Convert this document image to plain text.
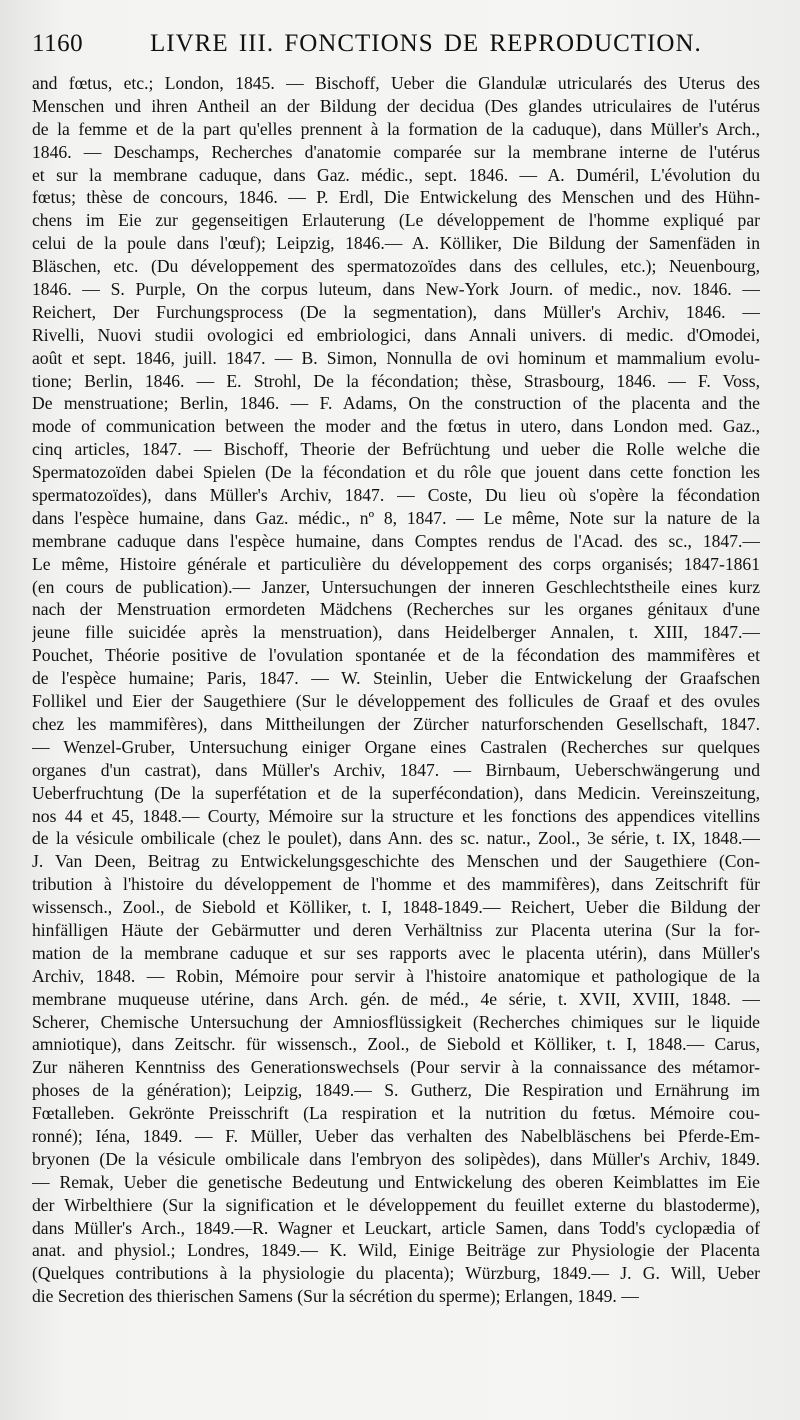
1160	LIVRE III. FONCTIONS DE REPRODUCTION.
and fœtus, etc.; London, 1845. — Bischoff, Ueber die Glandulæ utricularés des Uterus des
Menschen und ihren Antheil an der Bildung der decidua (Des glandes utriculaires de l'utérus
de la femme et de la part qu'elles prennent à la formation de la caduque), dans Müller's Arch.,
1846. — Deschamps, Recherches d'anatomie comparée sur la membrane interne de l'utérus
et sur la membrane caduque, dans Gaz. médic., sept. 1846. — A. Duméril, L'évolution du
fœtus; thèse de concours, 1846. — P. Erdl, Die Entwickelung des Menschen und des Hühn-
chens im Eie zur gegenseitigen Erlauterung (Le développement de l'homme expliqué par
celui de la poule dans l'œuf); Leipzig, 1846.— A. Kölliker, Die Bildung der Samenfäden in
Bläschen, etc. (Du développement des spermatozoïdes dans des cellules, etc.); Neuenbourg,
1846. — S. Purple, On the corpus luteum, dans New-York Journ. of medic., nov. 1846. —
Reichert, Der Furchungsprocess (De la segmentation), dans Müller's Archiv, 1846. —
Rivelli, Nuovi studii ovologici ed embriologici, dans Annali univers. di medic. d'Omodei,
août et sept. 1846, juill. 1847. — B. Simon, Nonnulla de ovi hominum et mammalium evolu-
tione; Berlin, 1846. — E. Strohl, De la fécondation; thèse, Strasbourg, 1846. — F. Voss,
De menstruatione; Berlin, 1846. — F. Adams, On the construction of the placenta and the
mode of communication between the moder and the fœtus in utero, dans London med. Gaz.,
cinq articles, 1847. — Bischoff, Theorie der Befrüchtung und ueber die Rolle welche die
Spermatozoïden dabei Spielen (De la fécondation et du rôle que jouent dans cette fonction les
spermatozoïdes), dans Müller's Archiv, 1847. — Coste, Du lieu où s'opère la fécondation
dans l'espèce humaine, dans Gaz. médic., nº 8, 1847. — Le même, Note sur la nature de la
membrane caduque dans l'espèce humaine, dans Comptes rendus de l'Acad. des sc., 1847.—
Le même, Histoire générale et particulière du développement des corps organisés; 1847-1861
(en cours de publication).— Janzer, Untersuchungen der inneren Geschlechtstheile eines kurz
nach der Menstruation ermordeten Mädchens (Recherches sur les organes génitaux d'une
jeune fille suicidée après la menstruation), dans Heidelberger Annalen, t. XIII, 1847.—
Pouchet, Théorie positive de l'ovulation spontanée et de la fécondation des mammifères et
de l'espèce humaine; Paris, 1847. — W. Steinlin, Ueber die Entwickelung der Graafschen
Follikel und Eier der Saugethiere (Sur le développement des follicules de Graaf et des ovules
chez les mammifères), dans Mittheilungen der Zürcher naturforschenden Gesellschaft, 1847.
— Wenzel-Gruber, Untersuchung einiger Organe eines Castralen (Recherches sur quelques
organes d'un castrat), dans Müller's Archiv, 1847. — Birnbaum, Ueberschwängerung und
Ueberfruchtung (De la superfétation et de la superfécondation), dans Medicin. Vereinszeitung,
nos 44 et 45, 1848.— Courty, Mémoire sur la structure et les fonctions des appendices vitellins
de la vésicule ombilicale (chez le poulet), dans Ann. des sc. natur., Zool., 3e série, t. IX, 1848.—
J. Van Deen, Beitrag zu Entwickelungsgeschichte des Menschen und der Saugethiere (Con-
tribution à l'histoire du développement de l'homme et des mammifères), dans Zeitschrift für
wissensch., Zool., de Siebold et Kölliker, t. I, 1848-1849.— Reichert, Ueber die Bildung der
hinfälligen Häute der Gebärmutter und deren Verhältniss zur Placenta uterina (Sur la for-
mation de la membrane caduque et sur ses rapports avec le placenta utérin), dans Müller's
Archiv, 1848. — Robin, Mémoire pour servir à l'histoire anatomique et pathologique de la
membrane muqueuse utérine, dans Arch. gén. de méd., 4e série, t. XVII, XVIII, 1848. —
Scherer, Chemische Untersuchung der Amniosflüssigkeit (Recherches chimiques sur le liquide
amniotique), dans Zeitschr. für wissensch., Zool., de Siebold et Kölliker, t. I, 1848.— Carus,
Zur näheren Kenntniss des Generationswechsels (Pour servir à la connaissance des métamor-
phoses de la génération); Leipzig, 1849.— S. Gutherz, Die Respiration und Ernährung im
Fœtalleben. Gekrönte Preisschrift (La respiration et la nutrition du fœtus. Mémoire cou-
ronné); Iéna, 1849. — F. Müller, Ueber das verhalten des Nabelbläschens bei Pferde-Em-
bryonen (De la vésicule ombilicale dans l'embryon des solipèdes), dans Müller's Archiv, 1849.
— Remak, Ueber die genetische Bedeutung und Entwickelung des oberen Keimblattes im Eie
der Wirbelthiere (Sur la signification et le développement du feuillet externe du blastoderme),
dans Müller's Arch., 1849.—R. Wagner et Leuckart, article Samen, dans Todd's cyclopædia of
anat. and physiol.; Londres, 1849.— K. Wild, Einige Beiträge zur Physiologie der Placenta
(Quelques contributions à la physiologie du placenta); Würzburg, 1849.— J. G. Will, Ueber
die Secretion des thierischen Samens (Sur la sécrétion du sperme); Erlangen, 1849. —
